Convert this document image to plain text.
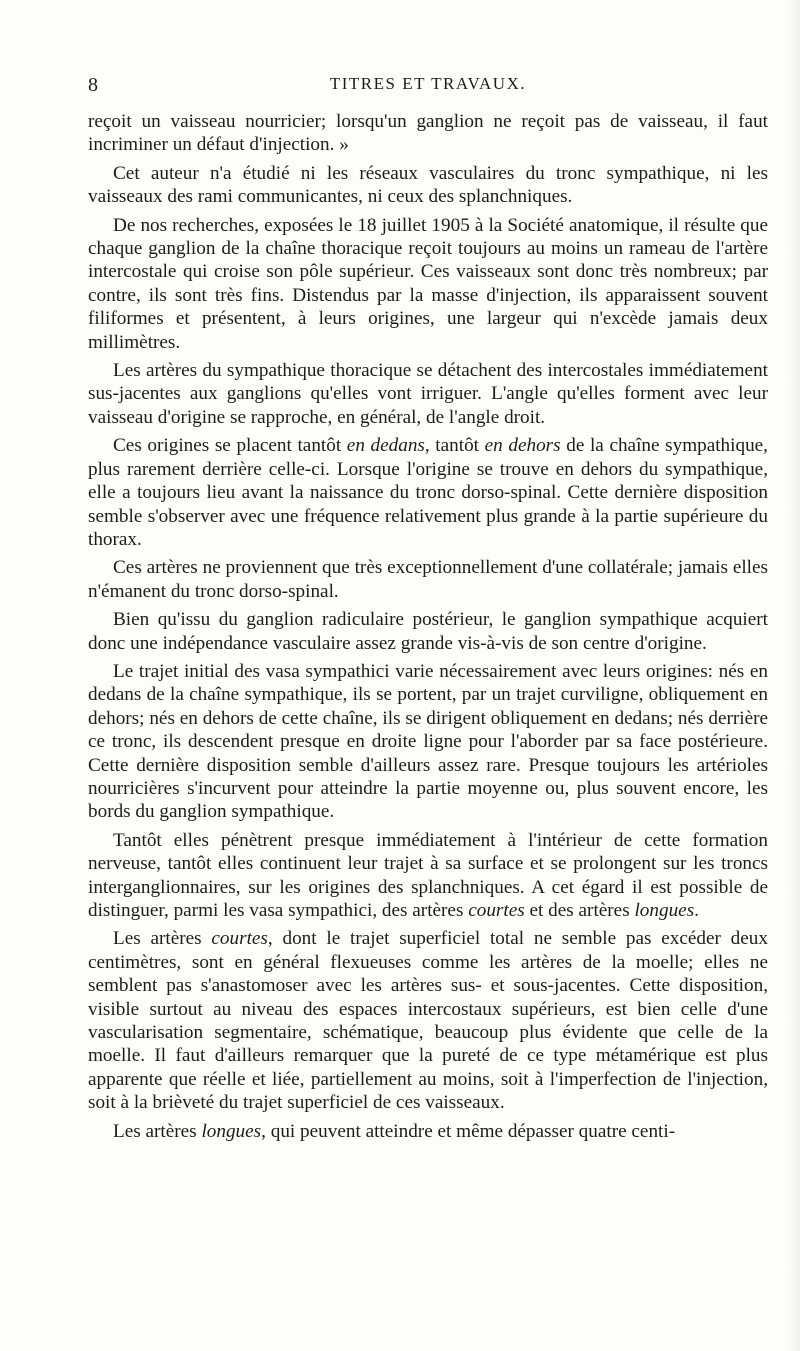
8	TITRES ET TRAVAUX.

reçoit un vaisseau nourricier; lorsqu'un ganglion ne reçoit pas de vaisseau, il faut incriminer un défaut d'injection. »

Cet auteur n'a étudié ni les réseaux vasculaires du tronc sympathique, ni les vaisseaux des rami communicantes, ni ceux des splanchniques.

De nos recherches, exposées le 18 juillet 1905 à la Société anatomique, il résulte que chaque ganglion de la chaîne thoracique reçoit toujours au moins un rameau de l'artère intercostale qui croise son pôle supérieur. Ces vaisseaux sont donc très nombreux; par contre, ils sont très fins. Distendus par la masse d'injection, ils apparaissent souvent filiformes et présentent, à leurs origines, une largeur qui n'excède jamais deux millimètres.

Les artères du sympathique thoracique se détachent des intercostales immédiatement sus-jacentes aux ganglions qu'elles vont irriguer. L'angle qu'elles forment avec leur vaisseau d'origine se rapproche, en général, de l'angle droit.

Ces origines se placent tantôt en dedans, tantôt en dehors de la chaîne sympathique, plus rarement derrière celle-ci. Lorsque l'origine se trouve en dehors du sympathique, elle a toujours lieu avant la naissance du tronc dorso-spinal. Cette dernière disposition semble s'observer avec une fréquence relativement plus grande à la partie supérieure du thorax.

Ces artères ne proviennent que très exceptionnellement d'une collatérale; jamais elles n'émanent du tronc dorso-spinal.

Bien qu'issu du ganglion radiculaire postérieur, le ganglion sympathique acquiert donc une indépendance vasculaire assez grande vis-à-vis de son centre d'origine.

Le trajet initial des vasa sympathici varie nécessairement avec leurs origines: nés en dedans de la chaîne sympathique, ils se portent, par un trajet curviligne, obliquement en dehors; nés en dehors de cette chaîne, ils se dirigent obliquement en dedans; nés derrière ce tronc, ils descendent presque en droite ligne pour l'aborder par sa face postérieure. Cette dernière disposition semble d'ailleurs assez rare. Presque toujours les artérioles nourricières s'incurvent pour atteindre la partie moyenne ou, plus souvent encore, les bords du ganglion sympathique.

Tantôt elles pénètrent presque immédiatement à l'intérieur de cette formation nerveuse, tantôt elles continuent leur trajet à sa surface et se prolongent sur les troncs interganglionnaires, sur les origines des splanchniques. A cet égard il est possible de distinguer, parmi les vasa sympathici, des artères courtes et des artères longues.

Les artères courtes, dont le trajet superficiel total ne semble pas excéder deux centimètres, sont en général flexueuses comme les artères de la moelle; elles ne semblent pas s'anastomoser avec les artères sus- et sous-jacentes. Cette disposition, visible surtout au niveau des espaces intercostaux supérieurs, est bien celle d'une vascularisation segmentaire, schématique, beaucoup plus évidente que celle de la moelle. Il faut d'ailleurs remarquer que la pureté de ce type métamérique est plus apparente que réelle et liée, partiellement au moins, soit à l'imperfection de l'injection, soit à la brièveté du trajet superficiel de ces vaisseaux.

Les artères longues, qui peuvent atteindre et même dépasser quatre centi-
